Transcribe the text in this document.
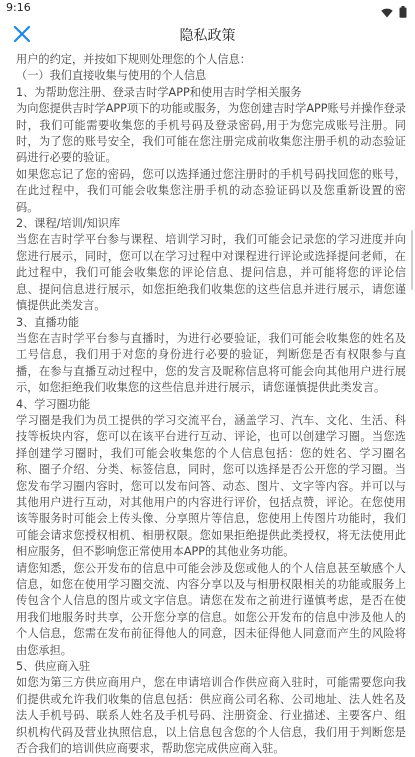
9:16
隐私政策

用户的约定，并按如下规则处理您的个人信息：

（一）我们直接收集与使用的个人信息

1、为帮助您注册、登录吉时学APP和使用吉时学相关服务

为向您提供吉时学APP项下的功能或服务，为您创建吉时学APP账号并操作登录时，我们可能需要收集您的手机号码及登录密码,用于为您完成账号注册。同时，为了您的账号安全，我们可能在您注册完成前收集您注册手机的动态验证码进行必要的验证。

如果您忘记了您的密码，您可以选择通过您注册时的手机号码找回您的账号，在此过程中，我们可能会收集您注册手机的动态验证码以及您重新设置的密码。

2、课程/培训/知识库

当您在吉时学平台参与课程、培训学习时，我们可能会记录您的学习进度并向您进行展示，同时，您可以在学习过程中对课程进行评论或选择提问老师，在此过程中，我们可能会收集您的评论信息、提问信息，并可能将您的评论信息、提问信息进行展示，如您拒绝我们收集您的这些信息并进行展示，请您谨慎提供此类发言。

3、直播功能

当您在吉时学平台参与直播时，为进行必要验证，我们可能会收集您的姓名及工号信息，我们用于对您的身份进行必要的验证，判断您是否有权限参与直播，在参与直播互动过程中，您的发言及昵称信息将可能会向其他用户进行展示，如您拒绝我们收集您的这些信息并进行展示，请您谨慎提供此类发言。

4、学习圈功能

学习圈是我们为员工提供的学习交流平台，涵盖学习、汽车、文化、生活、科技等板块内容，您可以在该平台进行互动、评论，也可以创建学习圈。当您选择创建学习圈时，我们可能会收集您的个人信息包括：您的姓名、学习圈名称、圈子介绍、分类、标签信息，同时，您可以选择是否公开您的学习圈。当您发布学习圈内容时，您可以发布问答、动态、图片、文字等内容。并可以与其他用户进行互动，对其他用户的内容进行评价，包括点赞，评论。在您使用该等服务时可能会上传头像、分享照片等信息，您使用上传图片功能时，我们可能会请求您授权相机、相册权限。您如果拒绝提供此类授权，将无法使用此相应服务，但不影响您正常使用本APP的其他业务功能。

请您知悉，您公开发布的信息中可能会涉及您或他人的个人信息甚至敏感个人信息，如您在使用学习圈交流、内容分享以及与相册权限相关的功能或服务上传包含个人信息的图片或文字信息。请您在发布之前进行谨慎考虑，是否在使用我们地服务时共享，公开您分享的信息。如您公开发布的信息中涉及他人的个人信息，您需在发布前征得他人的同意，因未征得他人同意而产生的风险将由您承担。

5、供应商入驻

如您为第三方供应商用户，您在申请培训合作供应商入驻时，可能需要您向我们提供或允许我们收集的信息包括：供应商公司名称、公司地址、法人姓名及法人手机号码、联系人姓名及手机号码、注册资金、行业描述、主要客户、组织机构代码及营业执照信息，以上信息包含您的个人信息，我们用于判断您是否合我们的培训供应商要求，帮助您完成供应商入驻。
